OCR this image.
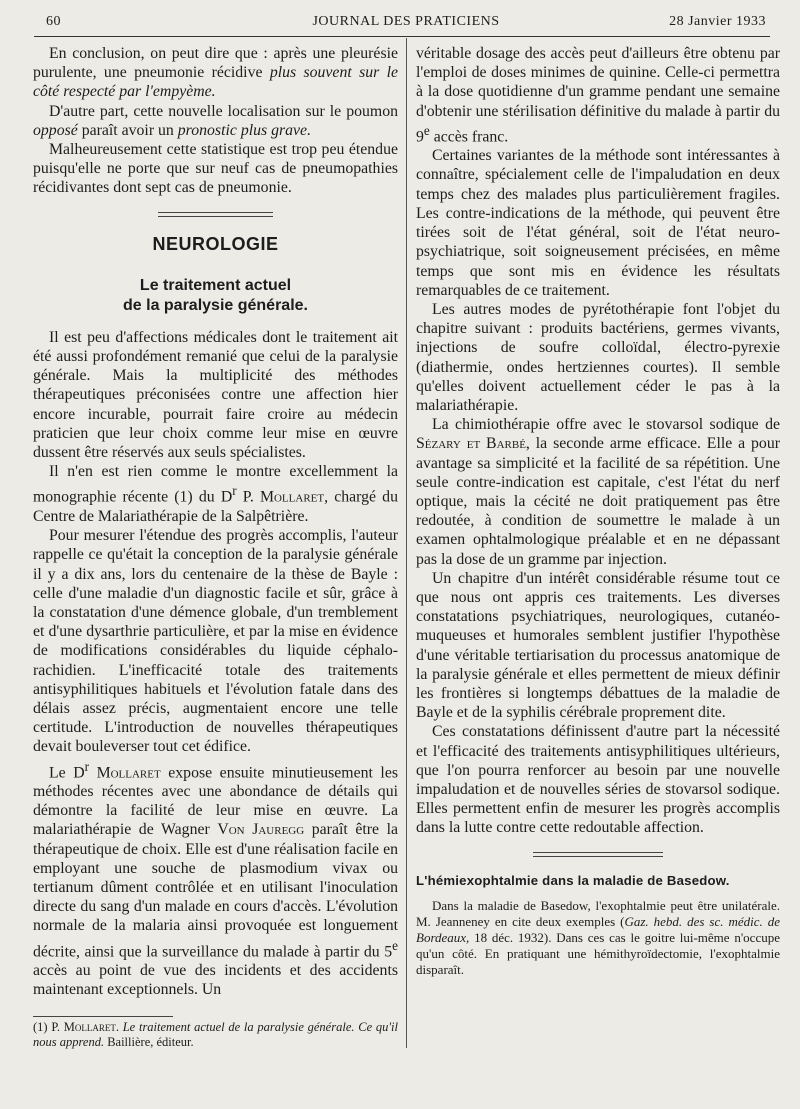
60	JOURNAL DES PRATICIENS	28 Janvier 1933

En conclusion, on peut dire que : après une pleurésie purulente, une pneumonie récidive plus souvent sur le côté respecté par l'empyème.

D'autre part, cette nouvelle localisation sur le poumon opposé paraît avoir un pronostic plus grave.

Malheureusement cette statistique est trop peu étendue puisqu'elle ne porte que sur neuf cas de pneumopathies récidivantes dont sept cas de pneumonie.

NEUROLOGIE
Le traitement actuel
de la paralysie générale.

Il est peu d'affections médicales dont le traitement ait été aussi profondément remanié que celui de la paralysie générale. Mais la multiplicité des méthodes thérapeutiques préconisées contre une affection hier encore incurable, pourrait faire croire au médecin praticien que leur choix comme leur mise en œuvre dussent être réservés aux seuls spécialistes.

Il n'en est rien comme le montre excellemment la monographie récente (1) du $D^r$ P. Mollaret, chargé du Centre de Malariathérapie de la Salpêtrière.

Pour mesurer l'étendue des progrès accomplis, l'auteur rappelle ce qu'était la conception de la paralysie générale il y a dix ans, lors du centenaire de la thèse de Bayle : celle d'une maladie d'un diagnostic facile et sûr, grâce à la constatation d'une démence globale, d'un tremblement et d'une dysarthrie particulière, et par la mise en évidence de modifications considérables du liquide céphalo-rachidien. L'inefficacité totale des traitements antisyphilitiques habituels et l'évolution fatale dans des délais assez précis, augmentaient encore une telle certitude. L'introduction de nouvelles thérapeutiques devait bouleverser tout cet édifice.

Le $D^r$ Mollaret expose ensuite minutieusement les méthodes récentes avec une abondance de détails qui démontre la facilité de leur mise en œuvre. La malariathérapie de Wagner Von Jauregg paraît être la thérapeutique de choix. Elle est d'une réalisation facile en employant une souche de plasmodium vivax ou tertianum dûment contrôlée et en utilisant l'inoculation directe du sang d'un malade en cours d'accès. L'évolution normale de la malaria ainsi provoquée est longuement décrite, ainsi que la surveillance du malade à partir du 5e accès au point de vue des incidents et des accidents maintenant exceptionnels. Un

(1) P. Mollaret. Le traitement actuel de la paralysie générale. Ce qu'il nous apprend. Baillière, éditeur.

véritable dosage des accès peut d'ailleurs être obtenu par l'emploi de doses minimes de quinine. Celle-ci permettra à la dose quotidienne d'un gramme pendant une semaine d'obtenir une stérilisation définitive du malade à partir du 9e accès franc.

Certaines variantes de la méthode sont intéressantes à connaître, spécialement celle de l'impaludation en deux temps chez des malades plus particulièrement fragiles. Les contre-indications de la méthode, qui peuvent être tirées soit de l'état général, soit de l'état neuro-psychiatrique, soit soigneusement précisées, en même temps que sont mis en évidence les résultats remarquables de ce traitement.

Les autres modes de pyrétothérapie font l'objet du chapitre suivant : produits bactériens, germes vivants, injections de soufre colloïdal, électro-pyrexie (diathermie, ondes hertziennes courtes). Il semble qu'elles doivent actuellement céder le pas à la malariathérapie.

La chimiothérapie offre avec le stovarsol sodique de Sézary et Barbé, la seconde arme efficace. Elle a pour avantage sa simplicité et la facilité de sa répétition. Une seule contre-indication est capitale, c'est l'état du nerf optique, mais la cécité ne doit pratiquement pas être redoutée, à condition de soumettre le malade à un examen ophtalmologique préalable et en ne dépassant pas la dose de un gramme par injection.

Un chapitre d'un intérêt considérable résume tout ce que nous ont appris ces traitements. Les diverses constatations psychiatriques, neurologiques, cutanéo-muqueuses et humorales semblent justifier l'hypothèse d'une véritable tertiarisation du processus anatomique de la paralysie générale et elles permettent de mieux définir les frontières si longtemps débattues de la maladie de Bayle et de la syphilis cérébrale proprement dite.

Ces constatations définissent d'autre part la nécessité et l'efficacité des traitements antisyphilitiques ultérieurs, que l'on pourra renforcer au besoin par une nouvelle impaludation et de nouvelles séries de stovarsol sodique. Elles permettent enfin de mesurer les progrès accomplis dans la lutte contre cette redoutable affection.

L'hémiexophtalmie dans la maladie de Basedow.

Dans la maladie de Basedow, l'exophtalmie peut être unilatérale. M. Jeanneney en cite deux exemples (Gaz. hebd. des sc. médic. de Bordeaux, 18 déc. 1932). Dans ces cas le goitre lui-même n'occupe qu'un côté. En pratiquant une hémithyroïdectomie, l'exophtalmie disparaît.
